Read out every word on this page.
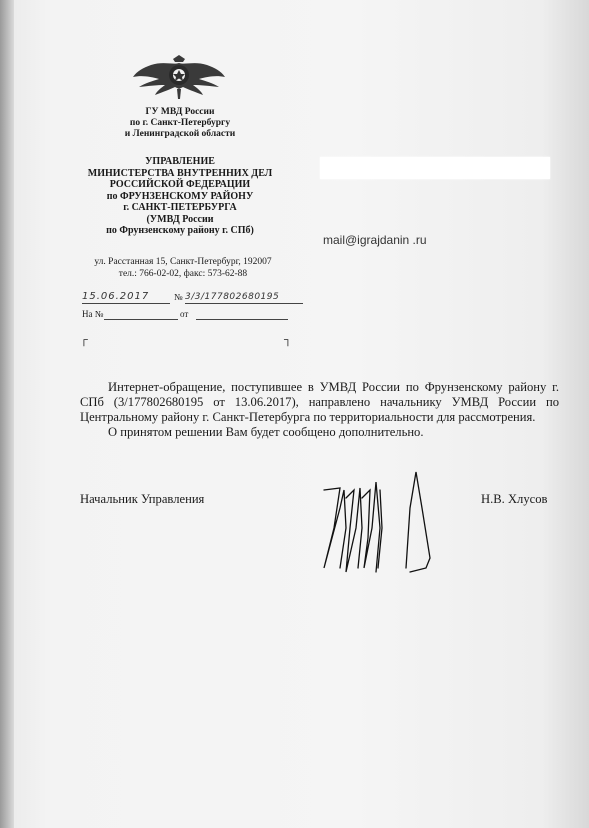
ГУ МВД России
по г. Санкт-Петербургу
и Ленинградской области
УПРАВЛЕНИЕ
МИНИСТЕРСТВА ВНУТРЕННИХ ДЕЛ
РОССИЙСКОЙ ФЕДЕРАЦИИ
по ФРУНЗЕНСКОМУ РАЙОНУ
г. САНКТ-ПЕТЕРБУРГА
(УМВД России
по Фрунзенскому району г. СПб)
ул. Расстанная 15, Санкт-Петербург, 192007
тел.: 766-02-02, факс: 573-62-88
15.06.2017	№ 3/3/177802680195
На №	от
┌	┐
mail@igrajdanin .ru

Интернет-обращение, поступившее в УМВД России по Фрунзенскому району г. СПб (3/177802680195 от 13.06.2017), направлено начальнику УМВД России по Центральному району г. Санкт-Петербурга по территориальности для рассмотрения.

О принятом решении Вам будет сообщено дополнительно.

Начальник Управления	Н.В. Хлусов
